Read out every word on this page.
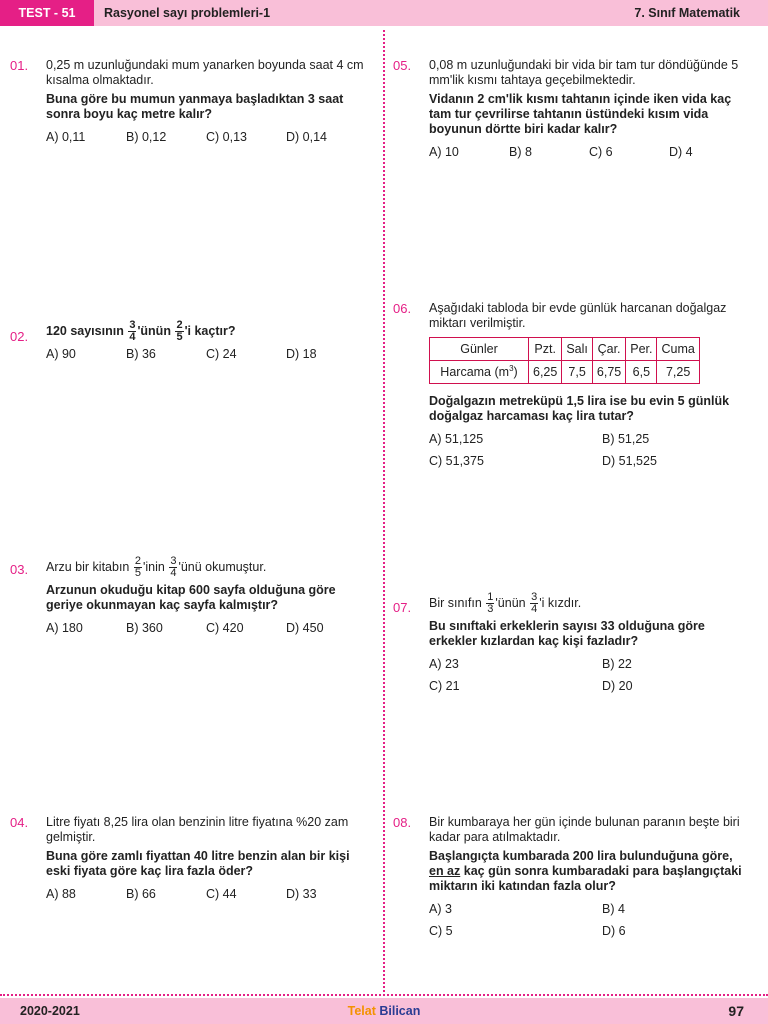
TEST - 51	Rasyonel sayı problemleri-1	7. Sınıf Matematik
01. 0,25 m uzunluğundaki mum yanarken boyunda saat 4 cm kısalma olmaktadır.

Buna göre bu mumun yanmaya başladıktan 3 saat sonra boyu kaç metre kalır?

A) 0,11	B) 0,12	C) 0,13	D) 0,14
02. 120 sayısının $\frac{3}{4}$ 'ünün $\frac{2}{5}$ 'i kaçtır?

A) 90	B) 36	C) 24	D) 18
03. Arzu bir kitabın $\frac{2}{5}$ 'inin $\frac{3}{4}$ 'ünü okumuştur.

Arzunun okuduğu kitap 600 sayfa olduğuna göre geriye okunmayan kaç sayfa kalmıştır?

A) 180	B) 360	C) 420	D) 450
04. Litre fiyatı 8,25 lira olan benzinin litre fiyatına %20 zam gelmiştir.

Buna göre zamlı fiyattan 40 litre benzin alan bir kişi eski fiyata göre kaç lira fazla öder?

A) 88	B) 66	C) 44	D) 33
05. 0,08 m uzunluğundaki bir vida bir tam tur döndüğünde 5 mm'lik kısmı tahtaya geçebilmektedir.

Vidanın 2 cm'lik kısmı tahtanın içinde iken vida kaç tam tur çevrilirse tahtanın üstündeki kısım vida boyunun dörtte biri kadar kalır?

A) 10	B) 8	C) 6	D) 4
06. Aşağıdaki tabloda bir evde günlük harcanan doğalgaz miktarı verilmiştir.

Günler	Pzt.	Salı	Çar.	Per.	Cuma
Harcama $(m^3)$	6,25	7,5	6,75	6,5	7,25

Doğalgazın metreküpü 1,5 lira ise bu evin 5 günlük doğalgaz harcaması kaç lira tutar?

A) 51,125	B) 51,25
C) 51,375	D) 51,525
07. Bir sınıfın $\frac{1}{3}$ 'ünün $\frac{3}{4}$ 'i kızdır.

Bu sınıftaki erkeklerin sayısı 33 olduğuna göre erkekler kızlardan kaç kişi fazladır?

A) 23	B) 22
C) 21	D) 20
08. Bir kumbaraya her gün içinde bulunan paranın beşte biri kadar para atılmaktadır.

Başlangıçta kumbarada 200 lira bulunduğuna göre, en az kaç gün sonra kumbaradaki para başlangıçtaki miktarın iki katından fazla olur?

A) 3	B) 4
C) 5	D) 6
2020-2021	Telat Bilican	97
